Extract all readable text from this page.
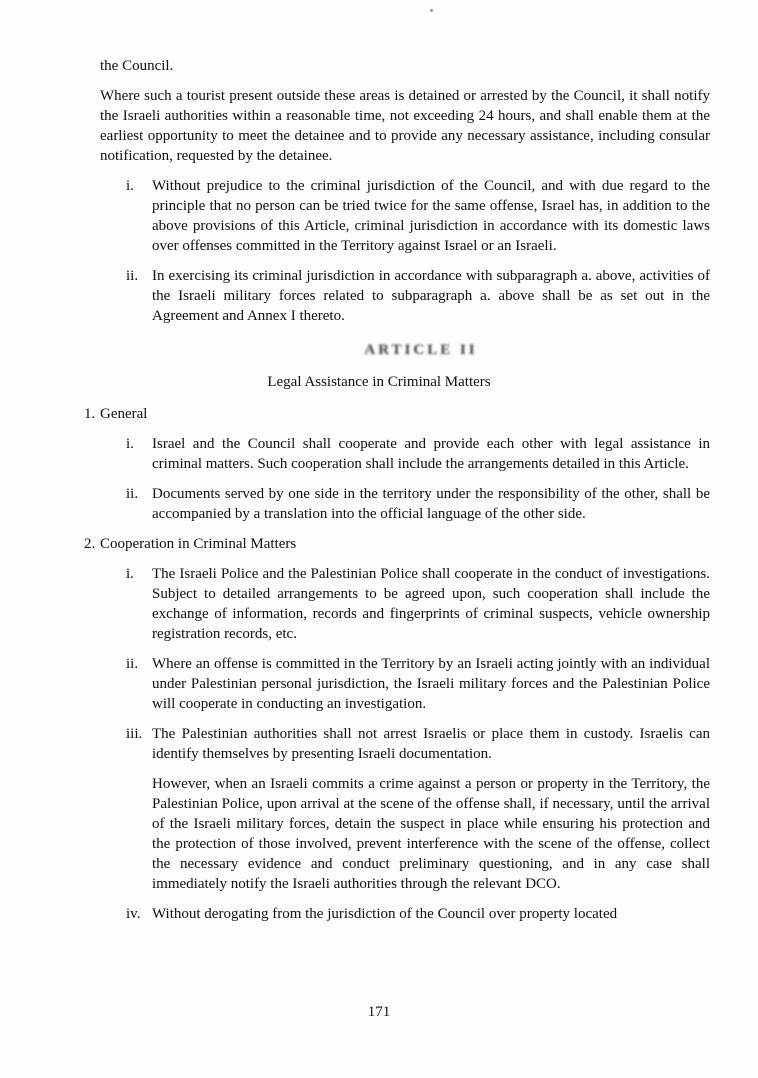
the Council.

Where such a tourist present outside these areas is detained or arrested by the Council, it shall notify the Israeli authorities within a reasonable time, not exceeding 24 hours, and shall enable them at the earliest opportunity to meet the detainee and to provide any necessary assistance, including consular notification, requested by the detainee.

i.	Without prejudice to the criminal jurisdiction of the Council, and with due regard to the principle that no person can be tried twice for the same offense, Israel has, in addition to the above provisions of this Article, criminal jurisdiction in accordance with its domestic laws over offenses committed in the Territory against Israel or an Israeli.
ii. In exercising its criminal jurisdiction in accordance with subparagraph a. above, activities of the Israeli military forces related to subparagraph a. above shall be as set out in the Agreement and Annex I thereto.
ARTICLE II
Legal Assistance in Criminal Matters
1. General
i.	Israel and the Council shall cooperate and provide each other with legal assistance in criminal matters. Such cooperation shall include the arrangements detailed in this Article.
ii. Documents served by one side in the territory under the responsibility of the other, shall be accompanied by a translation into the official language of the other side.
2. Cooperation in Criminal Matters
i.	The Israeli Police and the Palestinian Police shall cooperate in the conduct of investigations. Subject to detailed arrangements to be agreed upon, such cooperation shall include the exchange of information, records and fingerprints of criminal suspects, vehicle ownership registration records, etc.
ii. Where an offense is committed in the Territory by an Israeli acting jointly with an individual under Palestinian personal jurisdiction, the Israeli military forces and the Palestinian Police will cooperate in conducting an investigation.
iii. The Palestinian authorities shall not arrest Israelis or place them in custody. Israelis can identify themselves by presenting Israeli documentation.

However, when an Israeli commits a crime against a person or property in the Territory, the Palestinian Police, upon arrival at the scene of the offense shall, if necessary, until the arrival of the Israeli military forces, detain the suspect in place while ensuring his protection and the protection of those involved, prevent interference with the scene of the offense, collect the necessary evidence and conduct preliminary questioning, and in any case shall immediately notify the Israeli authorities through the relevant DCO.

iv. Without derogating from the jurisdiction of the Council over property located
171
